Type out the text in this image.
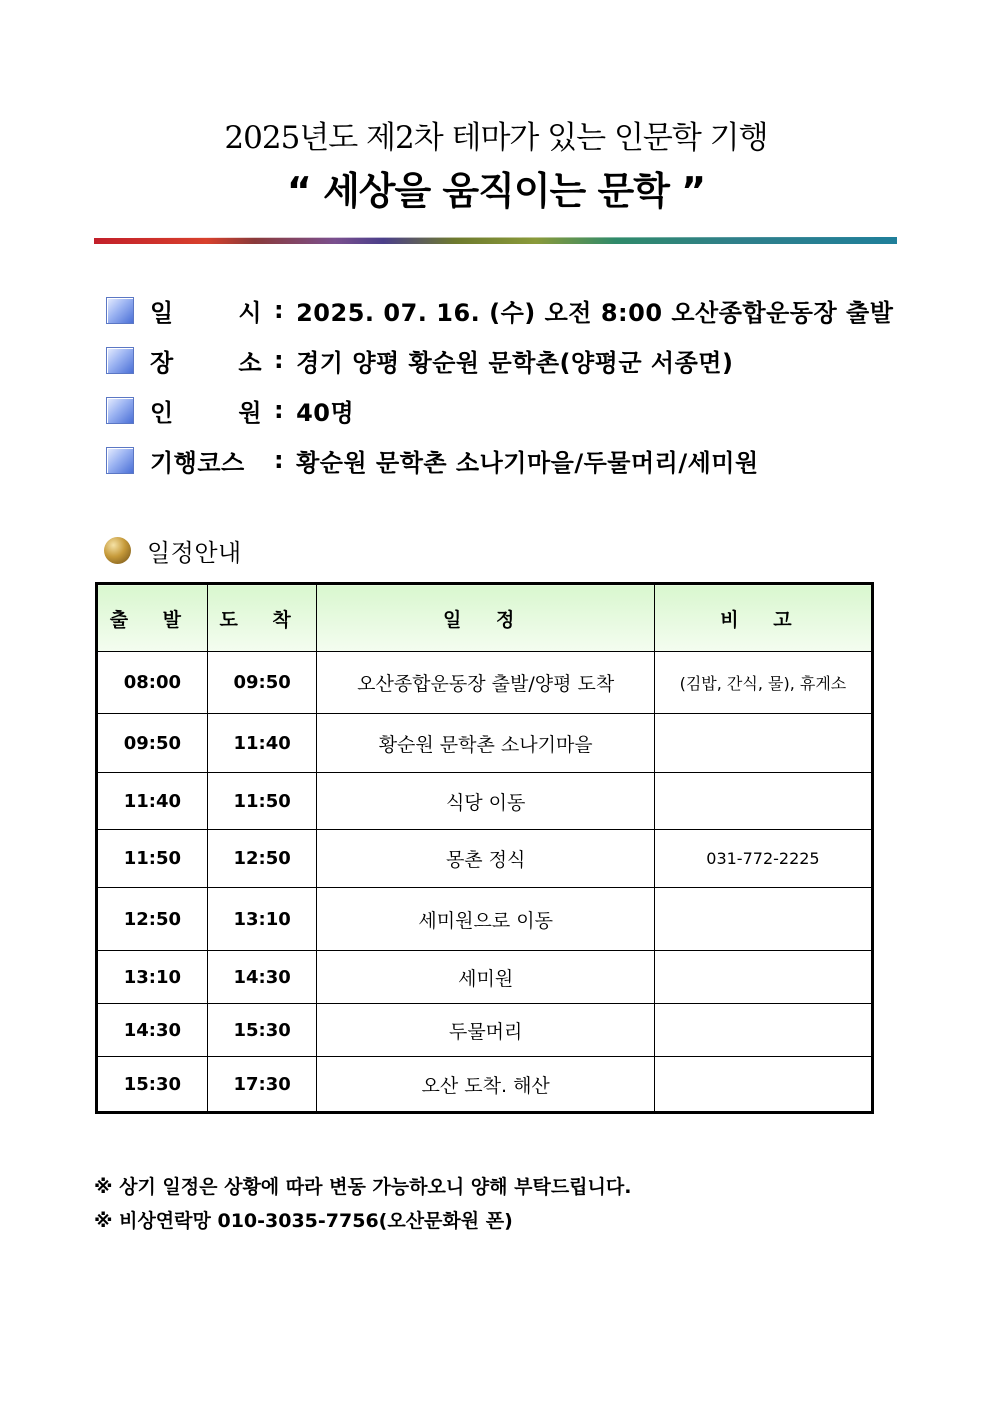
2025년도 제2차 테마가 있는 인문학 기행
“ 세상을 움직이는 문학 ”
일	시 : 2025. 07. 16. (수) 오전 8:00 오산종합운동장 출발
장	소 : 경기 양평 황순원 문학촌(양평군 서종면)
인	원 : 40명
기행코스 : 황순원 문학촌 소나기마을/두물머리/세미원
일정안내
출 발	도 착	일 정	비 고
08:00	09:50	오산종합운동장 출발/양평 도착	(김밥, 간식, 물), 휴게소
09:50	11:40	황순원 문학촌 소나기마을	
11:40	11:50	식당 이동	
11:50	12:50	몽촌 정식	031-772-2225
12:50	13:10	세미원으로 이동	
13:10	14:30	세미원	
14:30	15:30	두물머리	
15:30	17:30	오산 도착. 해산	
※ 상기 일정은 상황에 따라 변동 가능하오니 양해 부탁드립니다.
※ 비상연락망 010-3035-7756(오산문화원 폰)
